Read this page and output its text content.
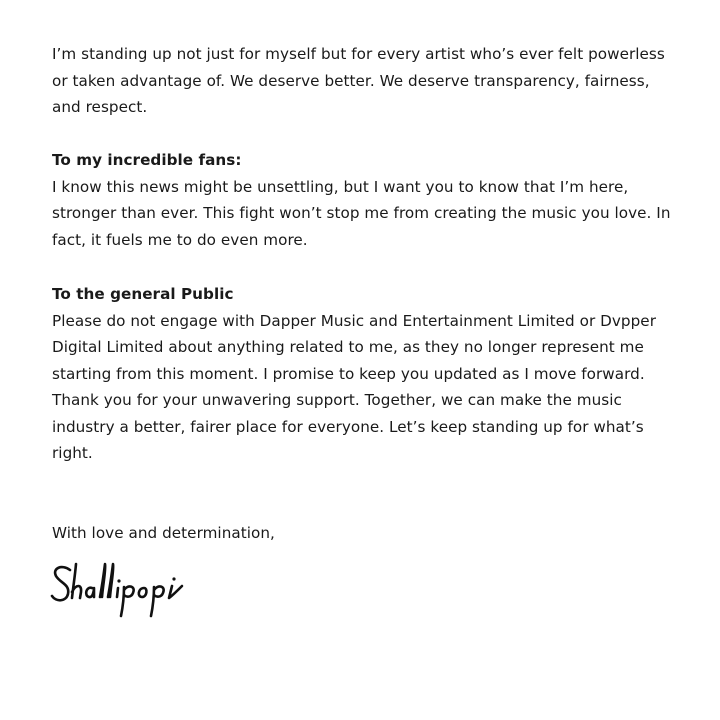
I’m standing up not just for myself but for every artist who’s ever felt powerless
or taken advantage of. We deserve better. We deserve transparency, fairness,
and respect.
To my incredible fans:
I know this news might be unsettling, but I want you to know that I’m here,
stronger than ever. This fight won’t stop me from creating the music you love. In
fact, it fuels me to do even more.
To the general Public
Please do not engage with Dapper Music and Entertainment Limited or Dvpper
Digital Limited about anything related to me, as they no longer represent me
starting from this moment. I promise to keep you updated as I move forward.
Thank you for your unwavering support. Together, we can make the music
industry a better, fairer place for everyone. Let’s keep standing up for what’s
right.
With love and determination,
